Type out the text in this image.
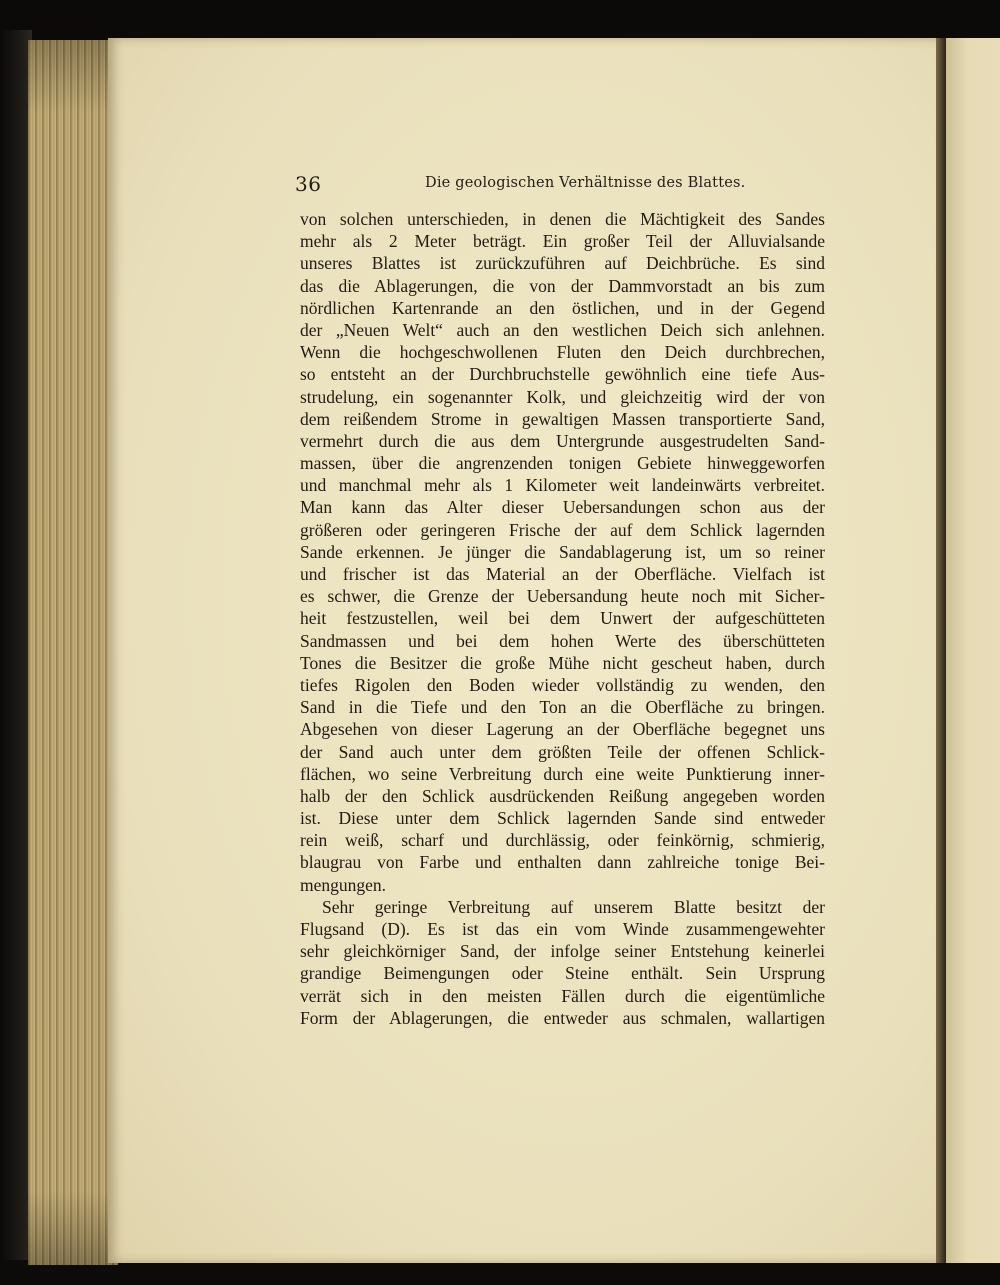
36	Die geologischen Verhältnisse des Blattes.
von solchen unterschieden, in denen die Mächtigkeit des Sandes
mehr als 2 Meter beträgt. Ein großer Teil der Alluvialsande
unseres Blattes ist zurückzuführen auf Deichbrüche. Es sind
das die Ablagerungen, die von der Dammvorstadt an bis zum
nördlichen Kartenrande an den östlichen, und in der Gegend
der „Neuen Welt“ auch an den westlichen Deich sich anlehnen.
Wenn die hochgeschwollenen Fluten den Deich durchbrechen,
so entsteht an der Durchbruchstelle gewöhnlich eine tiefe Aus-
strudelung, ein sogenannter Kolk, und gleichzeitig wird der von
dem reißendem Strome in gewaltigen Massen transportierte Sand,
vermehrt durch die aus dem Untergrunde ausgestrudelten Sand-
massen, über die angrenzenden tonigen Gebiete hinweggeworfen
und manchmal mehr als 1 Kilometer weit landeinwärts verbreitet.
Man kann das Alter dieser Uebersandungen schon aus der
größeren oder geringeren Frische der auf dem Schlick lagernden
Sande erkennen. Je jünger die Sandablagerung ist, um so reiner
und frischer ist das Material an der Oberfläche. Vielfach ist
es schwer, die Grenze der Uebersandung heute noch mit Sicher-
heit festzustellen, weil bei dem Unwert der aufgeschütteten
Sandmassen und bei dem hohen Werte des überschütteten
Tones die Besitzer die große Mühe nicht gescheut haben, durch
tiefes Rigolen den Boden wieder vollständig zu wenden, den
Sand in die Tiefe und den Ton an die Oberfläche zu bringen.
Abgesehen von dieser Lagerung an der Oberfläche begegnet uns
der Sand auch unter dem größten Teile der offenen Schlick-
flächen, wo seine Verbreitung durch eine weite Punktierung inner-
halb der den Schlick ausdrückenden Reißung angegeben worden
ist. Diese unter dem Schlick lagernden Sande sind entweder
rein weiß, scharf und durchlässig, oder feinkörnig, schmierig,
blaugrau von Farbe und enthalten dann zahlreiche tonige Bei-
mengungen.
Sehr geringe Verbreitung auf unserem Blatte besitzt der
Flugsand (D). Es ist das ein vom Winde zusammengewehter
sehr gleichkörniger Sand, der infolge seiner Entstehung keinerlei
grandige Beimengungen oder Steine enthält. Sein Ursprung
verrät sich in den meisten Fällen durch die eigentümliche
Form der Ablagerungen, die entweder aus schmalen, wallartigen
